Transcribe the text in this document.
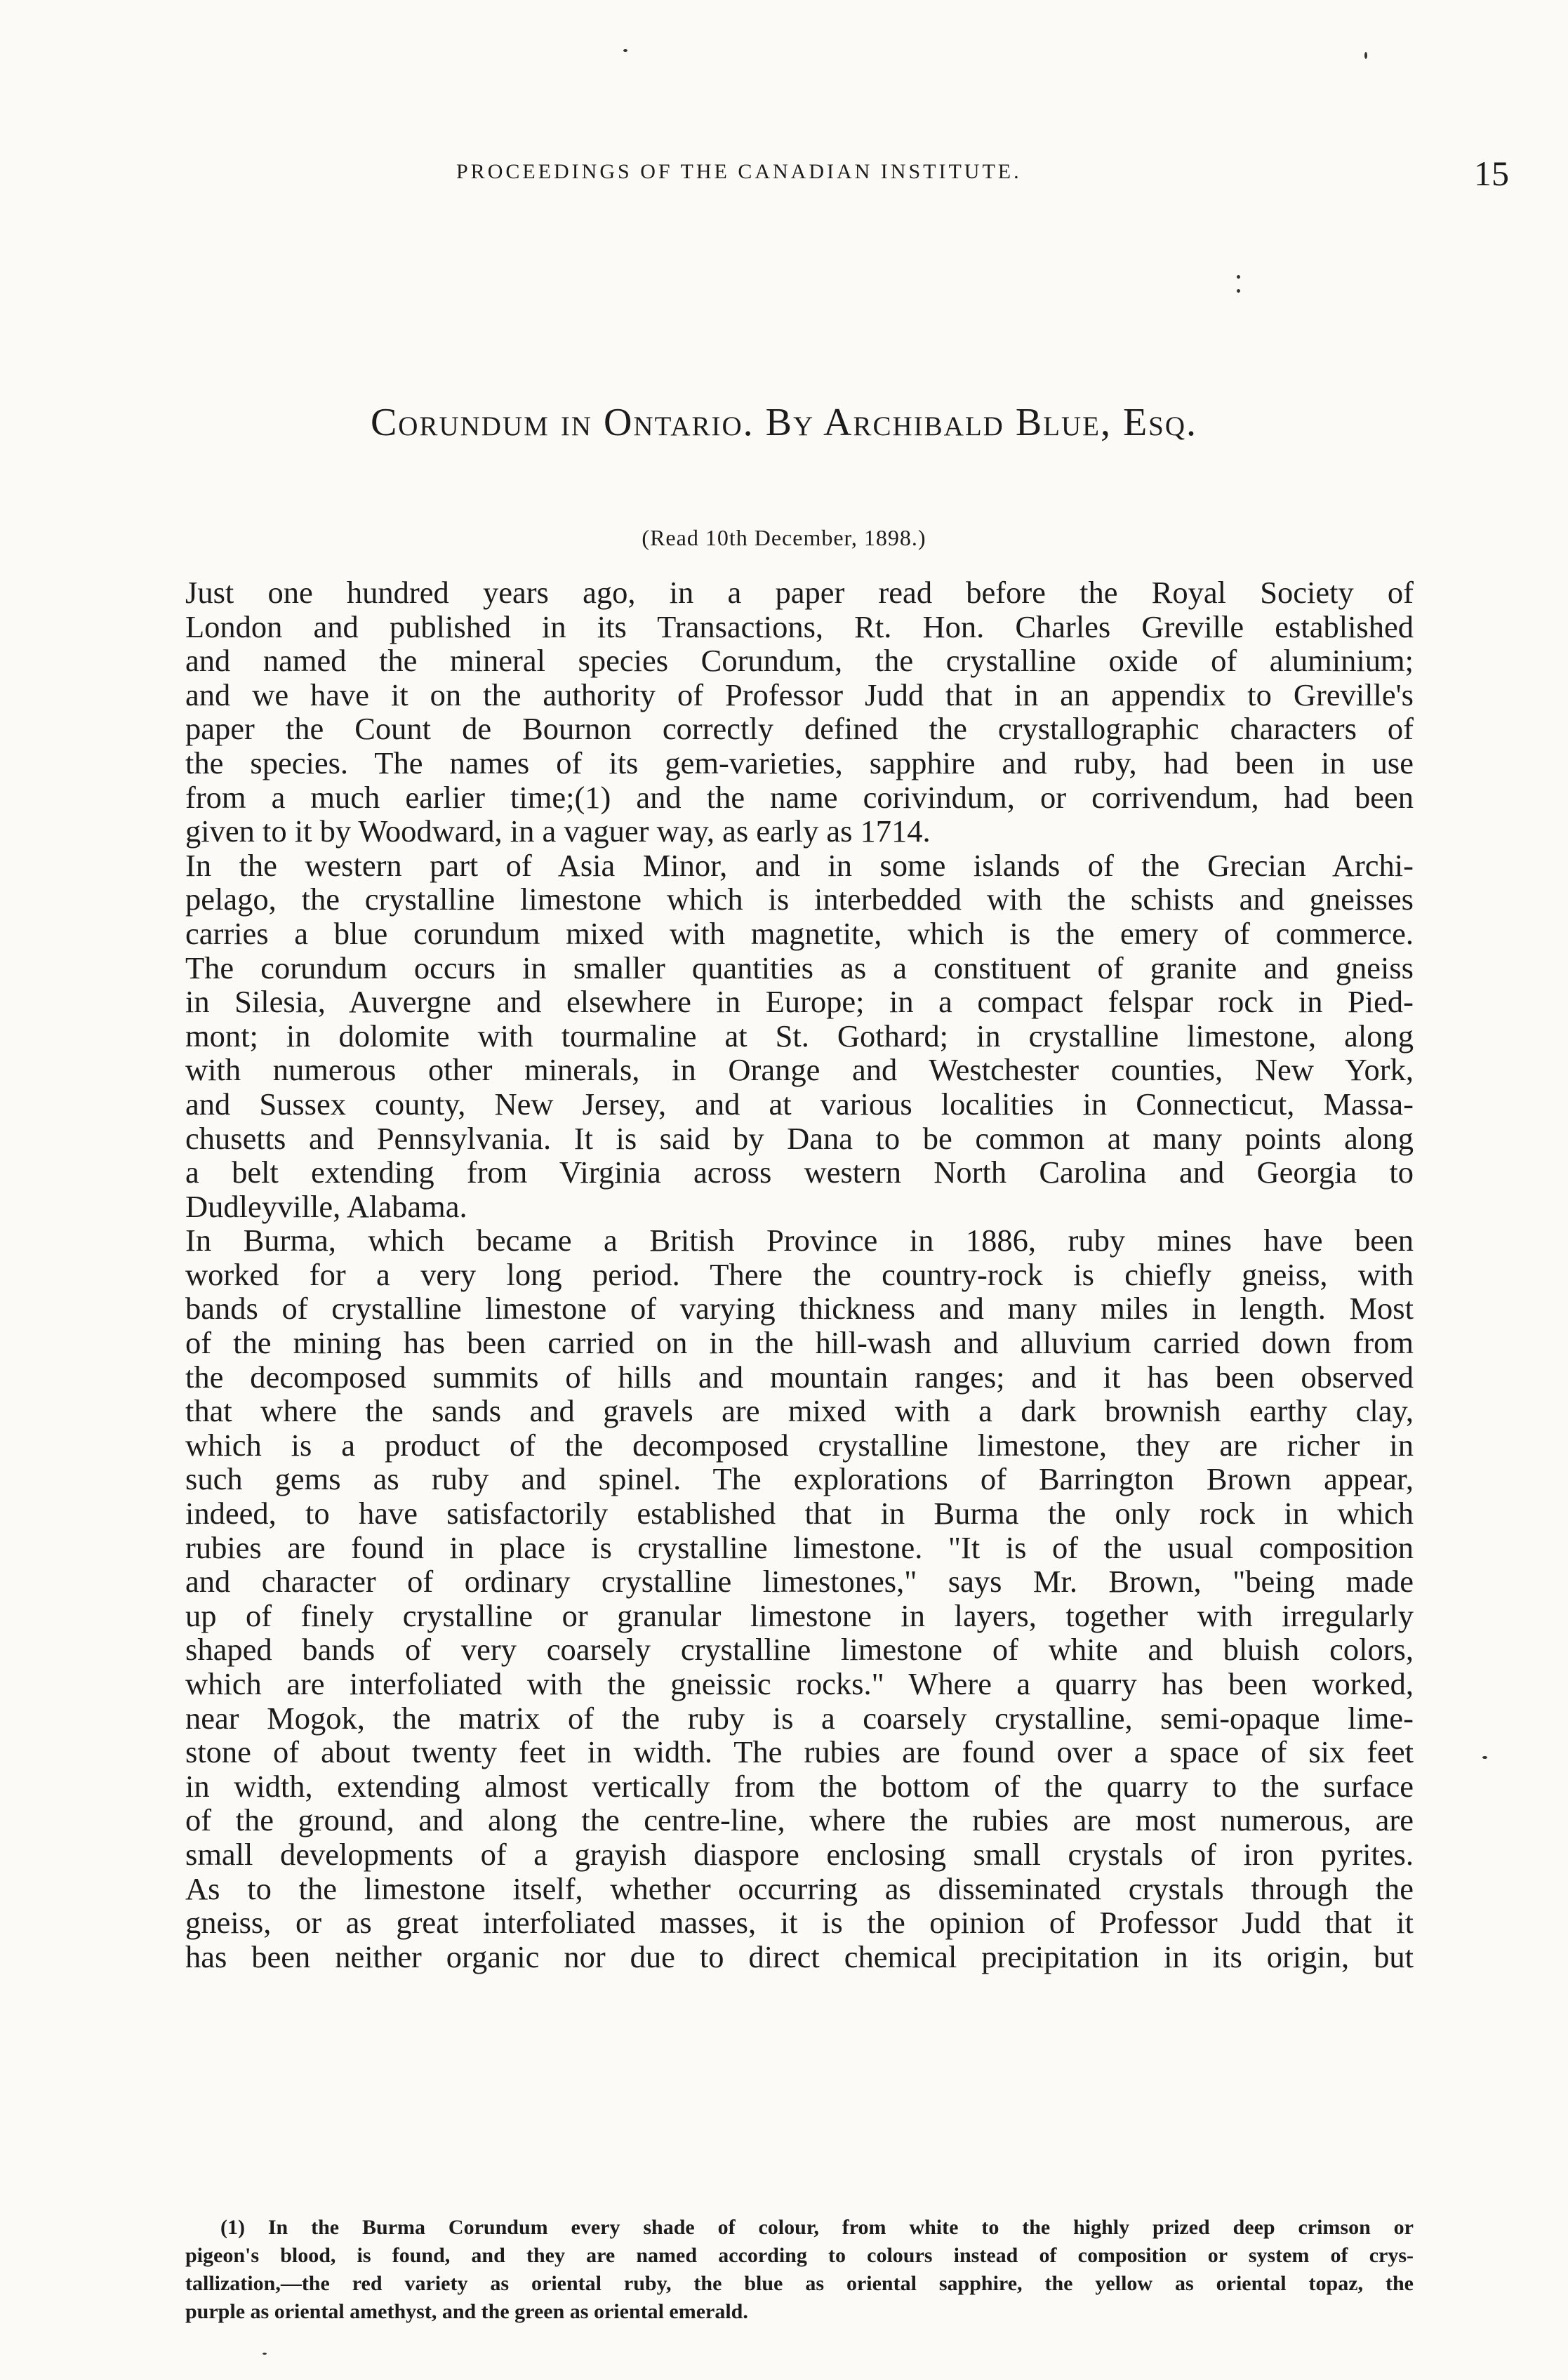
PROCEEDINGS OF THE CANADIAN INSTITUTE.	15
Corundum in Ontario. By Archibald Blue, Esq.
(Read 10th December, 1898.)
Just one hundred years ago, in a paper read before the Royal Society of
London and published in its Transactions, Rt. Hon. Charles Greville established
and named the mineral species Corundum, the crystalline oxide of aluminium;
and we have it on the authority of Professor Judd that in an appendix to Greville's
paper the Count de Bournon correctly defined the crystallographic characters of
the species. The names of its gem-varieties, sapphire and ruby, had been in use
from a much earlier time;(1) and the name corivindum, or corrivendum, had been
given to it by Woodward, in a vaguer way, as early as 1714.
In the western part of Asia Minor, and in some islands of the Grecian Archi-
pelago, the crystalline limestone which is interbedded with the schists and gneisses
carries a blue corundum mixed with magnetite, which is the emery of commerce.
The corundum occurs in smaller quantities as a constituent of granite and gneiss
in Silesia, Auvergne and elsewhere in Europe; in a compact felspar rock in Pied-
mont; in dolomite with tourmaline at St. Gothard; in crystalline limestone, along
with numerous other minerals, in Orange and Westchester counties, New York,
and Sussex county, New Jersey, and at various localities in Connecticut, Massa-
chusetts and Pennsylvania. It is said by Dana to be common at many points along
a belt extending from Virginia across western North Carolina and Georgia to
Dudleyville, Alabama.
In Burma, which became a British Province in 1886, ruby mines have been
worked for a very long period. There the country-rock is chiefly gneiss, with
bands of crystalline limestone of varying thickness and many miles in length. Most
of the mining has been carried on in the hill-wash and alluvium carried down from
the decomposed summits of hills and mountain ranges; and it has been observed
that where the sands and gravels are mixed with a dark brownish earthy clay,
which is a product of the decomposed crystalline limestone, they are richer in
such gems as ruby and spinel. The explorations of Barrington Brown appear,
indeed, to have satisfactorily established that in Burma the only rock in which
rubies are found in place is crystalline limestone. "It is of the usual composition
and character of ordinary crystalline limestones," says Mr. Brown, "being made
up of finely crystalline or granular limestone in layers, together with irregularly
shaped bands of very coarsely crystalline limestone of white and bluish colors,
which are interfoliated with the gneissic rocks." Where a quarry has been worked,
near Mogok, the matrix of the ruby is a coarsely crystalline, semi-opaque lime-
stone of about twenty feet in width. The rubies are found over a space of six feet
in width, extending almost vertically from the bottom of the quarry to the surface
of the ground, and along the centre-line, where the rubies are most numerous, are
small developments of a grayish diaspore enclosing small crystals of iron pyrites.
As to the limestone itself, whether occurring as disseminated crystals through the
gneiss, or as great interfoliated masses, it is the opinion of Professor Judd that it
has been neither organic nor due to direct chemical precipitation in its origin, but
(1) In the Burma Corundum every shade of colour, from white to the highly prized deep crimson or
pigeon's blood, is found, and they are named according to colours instead of composition or system of crys-
tallization,—the red variety as oriental ruby, the blue as oriental sapphire, the yellow as oriental topaz, the
purple as oriental amethyst, and the green as oriental emerald.
